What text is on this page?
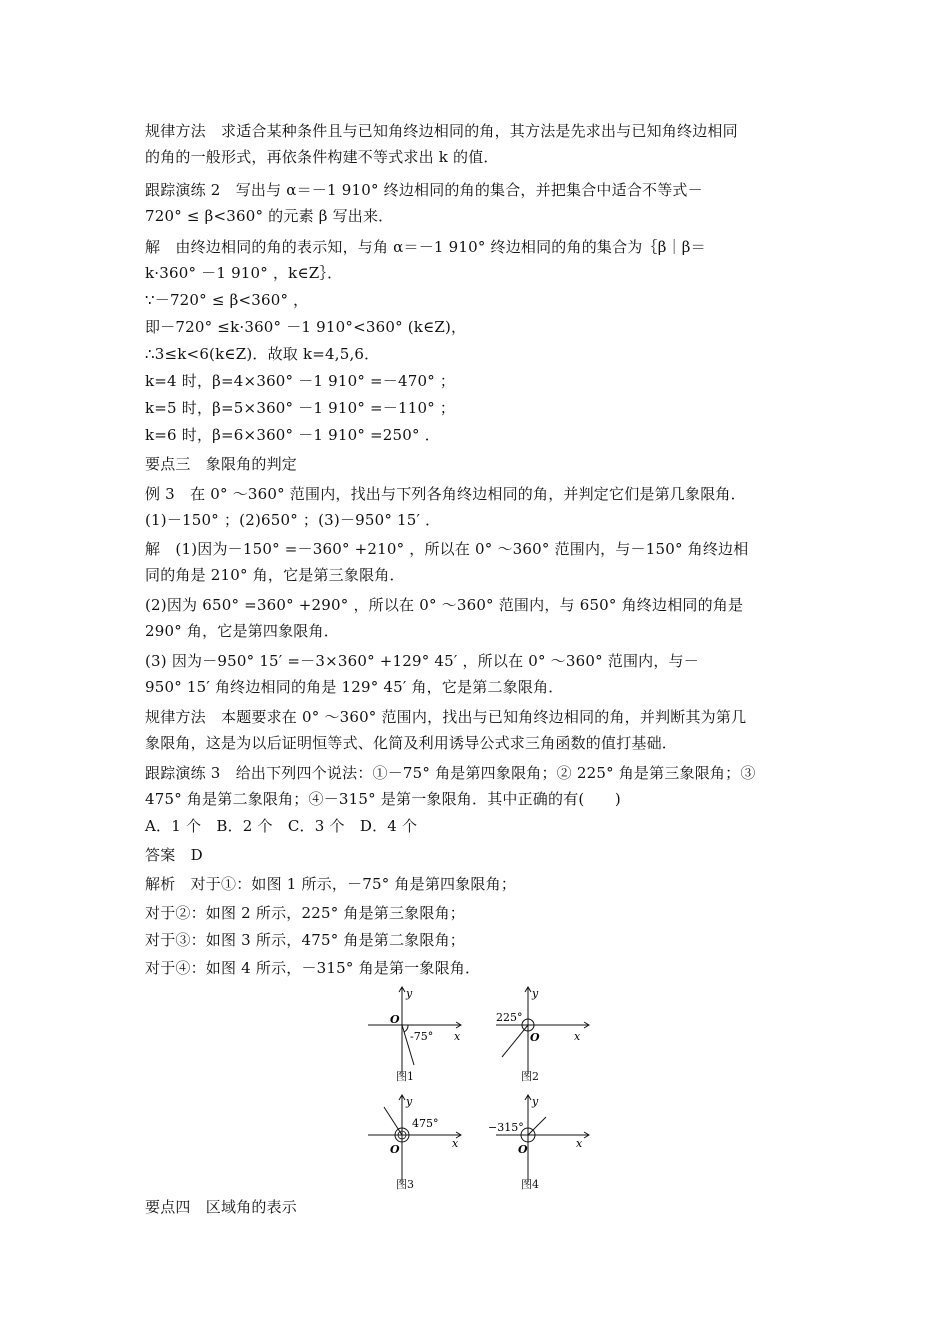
规律方法　求适合某种条件且与已知角终边相同的角，其方法是先求出与已知角终边相同
的角的一般形式，再依条件构建不等式求出 k 的值．
跟踪演练 2　写出与 α＝－1 910° 终边相同的角的集合，并把集合中适合不等式－
720° ≤ β<360° 的元素 β 写出来．
解　由终边相同的角的表示知，与角 α＝－1 910° 终边相同的角的集合为｛β｜β＝
k·360° －1 910° ，k∈Z｝．
∵－720° ≤ β<360° ，
即－720° ≤k·360° －1 910°<360° (k∈Z)，
∴3≤k<6(k∈Z)．故取 k=4,5,6．
k=4 时，β=4×360° －1 910° =－470° ；
k=5 时，β=5×360° －1 910° =－110° ；
k=6 时，β=6×360° －1 910° =250° ．
要点三　象限角的判定
例 3　在 0° ～360° 范围内，找出与下列各角终边相同的角，并判定它们是第几象限角．
(1)－150° ；(2)650° ；(3)－950° 15′ ．
解　(1)因为－150° =－360° +210° ，所以在 0° ～360° 范围内，与－150° 角终边相
同的角是 210° 角，它是第三象限角．
(2)因为 650° =360° +290° ，所以在 0° ～360° 范围内，与 650° 角终边相同的角是
290° 角，它是第四象限角．
(3) 因为－950° 15′ =－3×360° +129° 45′ ，所以在 0° ～360° 范围内，与－
950° 15′ 角终边相同的角是 129° 45′ 角，它是第二象限角．
规律方法　本题要求在 0° ～360° 范围内，找出与已知角终边相同的角，并判断其为第几
象限角，这是为以后证明恒等式、化简及利用诱导公式求三角函数的值打基础．
跟踪演练 3　给出下列四个说法：①－75° 角是第四象限角；② 225° 角是第三象限角；③
475° 角是第二象限角；④－315° 是第一象限角．其中正确的有(　　)
A．1 个　B．2 个　C．3 个　D．4 个
答案　D
解析　对于①：如图 1 所示，－75° 角是第四象限角；
对于②：如图 2 所示，225° 角是第三象限角；
对于③：如图 3 所示，475° 角是第二象限角；
对于④：如图 4 所示，－315° 角是第一象限角．
y
O
x
-75°
图1
y
O	x
225°
图2
y
O	x
475°
图3
y
O	x
−315°
图4
要点四　区域角的表示
